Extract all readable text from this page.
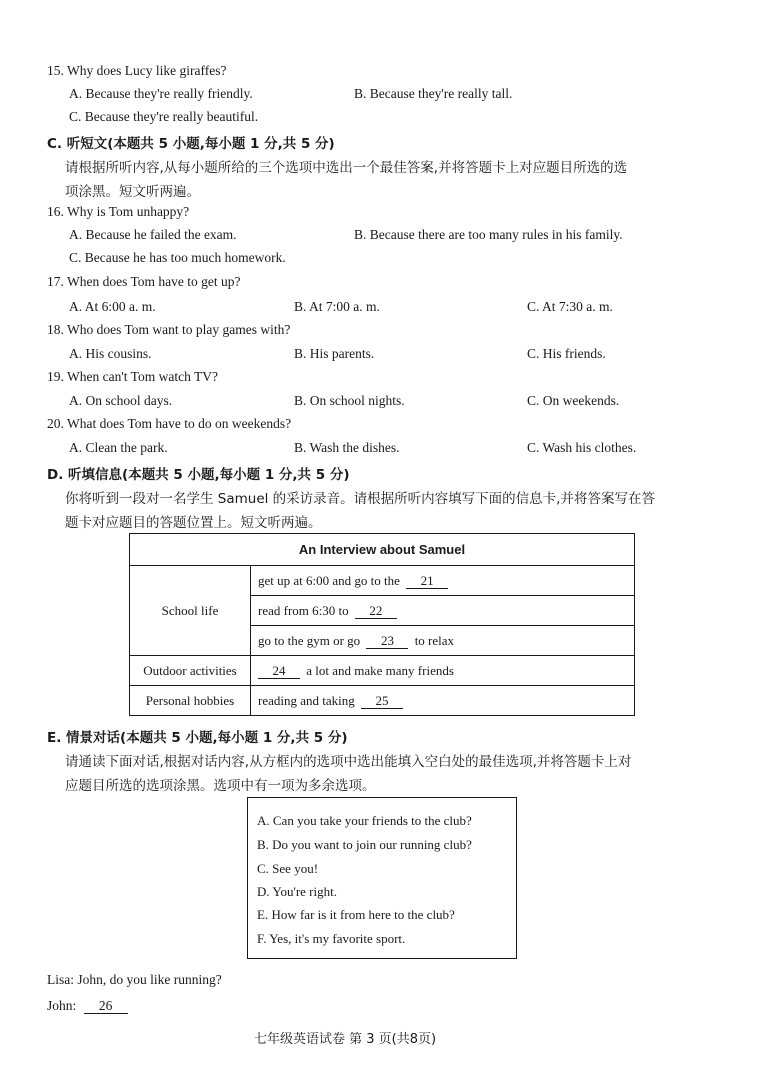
15. Why does Lucy like giraffes?
A. Because they're really friendly.	B. Because they're really tall.
C. Because they're really beautiful.
C. 听短文(本题共 5 小题,每小题 1 分,共 5 分)
请根据所听内容,从每小题所给的三个选项中选出一个最佳答案,并将答题卡上对应题目所选的选
项涂黑。短文听两遍。
16. Why is Tom unhappy?
A. Because he failed the exam.	B. Because there are too many rules in his family.
C. Because he has too much homework.
17. When does Tom have to get up?
A. At 6:00 a. m.	B. At 7:00 a. m.	C. At 7:30 a. m.
18. Who does Tom want to play games with?
A. His cousins.	B. His parents.	C. His friends.
19. When can't Tom watch TV?
A. On school days.	B. On school nights.	C. On weekends.
20. What does Tom have to do on weekends?
A. Clean the park.	B. Wash the dishes.	C. Wash his clothes.
D. 听填信息(本题共 5 小题,每小题 1 分,共 5 分)
你将听到一段对一名学生 Samuel 的采访录音。请根据所听内容填写下面的信息卡,并将答案写在答
题卡对应题目的答题位置上。短文听两遍。
An Interview about Samuel	
School life	get up at 6:00 and go to the 21
	read from 6:30 to 22
	go to the gym or go 23 to relax
Outdoor activities	24 a lot and make many friends
Personal hobbies	reading and taking 25
E. 情景对话(本题共 5 小题,每小题 1 分,共 5 分)
请通读下面对话,根据对话内容,从方框内的选项中选出能填入空白处的最佳选项,并将答题卡上对
应题目所选的选项涂黑。选项中有一项为多余选项。
A. Can you take your friends to the club?
B. Do you want to join our running club?
C. See you!
D. You're right.
E. How far is it from here to the club?
F. Yes, it's my favorite sport.
Lisa: John, do you like running?
John: 26
七年级英语试卷 第 3 页(共8页)
